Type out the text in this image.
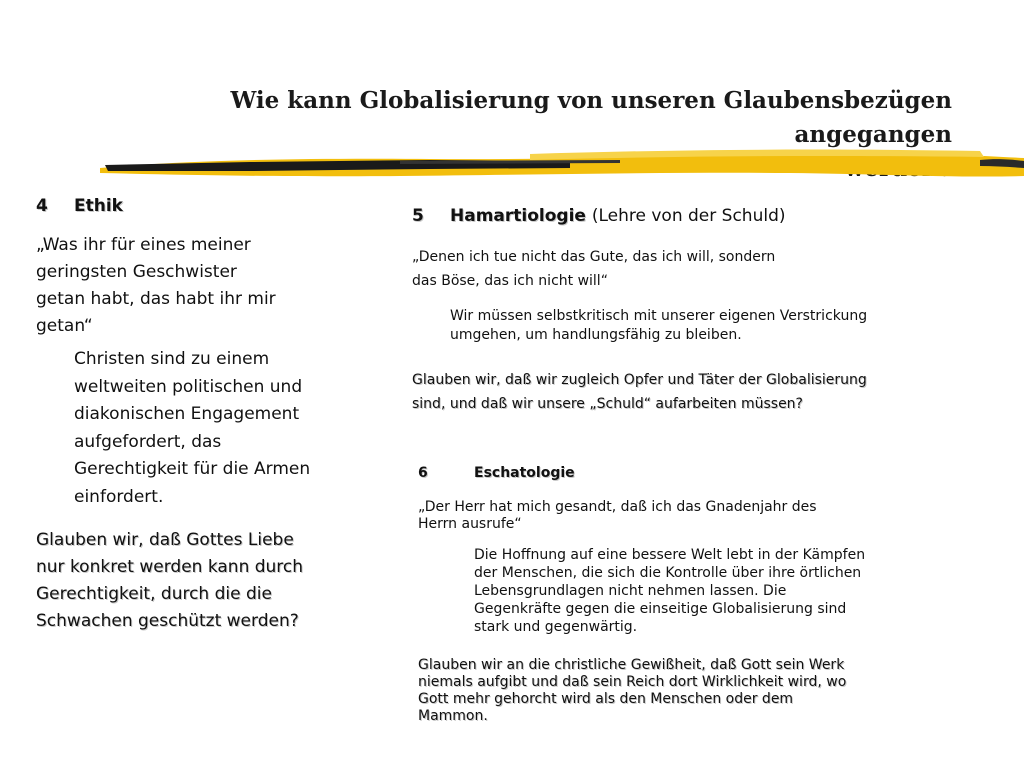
Wie kann Globalisierung von unseren Glaubensbezügen angegangen
4 Ethik
„Was ihr für eines meiner
geringsten Geschwister
getan habt, das habt ihr mir
getan“
Christen sind zu einem
weltweiten politischen und
diakonischen Engagement
aufgefordert, das
Gerechtigkeit für die Armen
einfordert.
Glauben wir, daß Gottes Liebe
nur konkret werden kann durch
Gerechtigkeit, durch die die
Schwachen geschützt werden?
5 Hamartiologie (Lehre von der Schuld)
„Denen ich tue nicht das Gute, das ich will, sondern
das Böse, das ich nicht will“
Wir müssen selbstkritisch mit unserer eigenen Verstrickung
umgehen, um handlungsfähig zu bleiben.
Glauben wir, daß wir zugleich Opfer und Täter der Globalisierung
sind, und daß wir unsere „Schuld“ aufarbeiten müssen?
6	Eschatologie
„Der Herr hat mich gesandt, daß ich das Gnadenjahr des
Herrn ausrufe“
Die Hoffnung auf eine bessere Welt lebt in der Kämpfen
der Menschen, die sich die Kontrolle über ihre örtlichen
Lebensgrundlagen nicht nehmen lassen. Die
Gegenkräfte gegen die einseitige Globalisierung sind
stark und gegenwärtig.
Glauben wir an die christliche Gewißheit, daß Gott sein Werk
niemals aufgibt und daß sein Reich dort Wirklichkeit wird, wo
Gott mehr gehorcht wird als den Menschen oder dem
Mammon.
